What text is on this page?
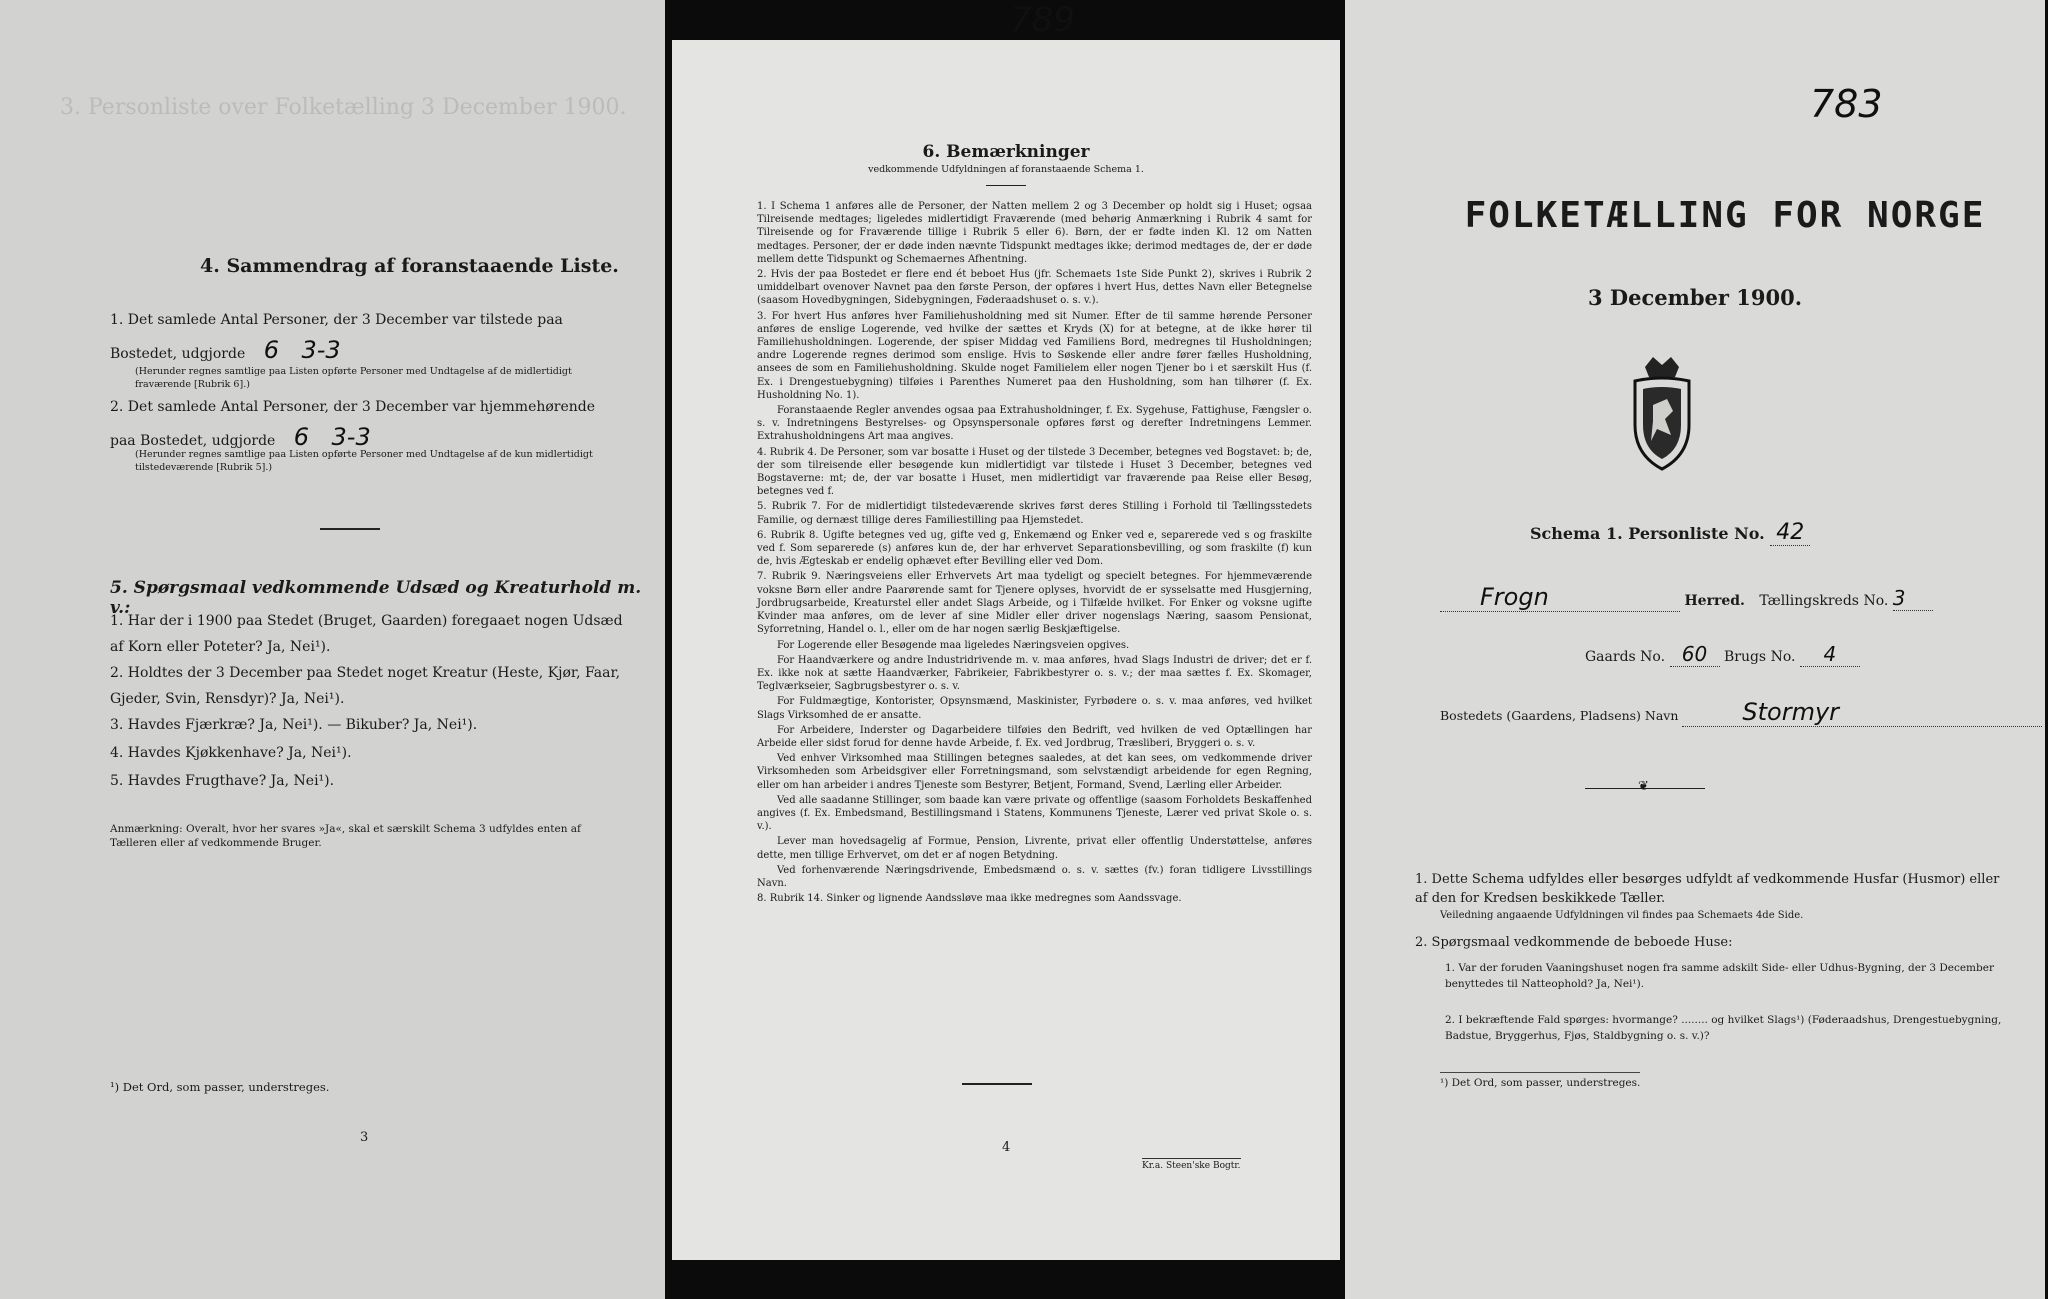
3. Personliste over Folketælling 3 December 1900.
4. Sammendrag af foranstaaende Liste.
1. Det samlede Antal Personer, der 3 December var tilstede paa Bostedet, udgjorde 6 3-3
(Herunder regnes samtlige paa Listen opførte Personer med Undtagelse af de midlertidigt fraværende [Rubrik 6].)
2. Det samlede Antal Personer, der 3 December var hjemmehørende paa Bostedet, udgjorde 6 3-3
(Herunder regnes samtlige paa Listen opførte Personer med Undtagelse af de kun midlertidigt tilstedeværende [Rubrik 5].)
5. Spørgsmaal vedkommende Udsæd og Kreaturhold m. v.:
1. Har der i 1900 paa Stedet (Bruget, Gaarden) foregaaet nogen Udsæd af Korn eller Poteter? Ja, Nei¹).
2. Holdtes der 3 December paa Stedet noget Kreatur (Heste, Kjør, Faar, Gjeder, Svin, Rensdyr)? Ja, Nei¹).
3. Havdes Fjærkræ? Ja, Nei¹). — Bikuber? Ja, Nei¹).
4. Havdes Kjøkkenhave? Ja, Nei¹).
5. Havdes Frugthave? Ja, Nei¹).
Anmærkning: Overalt, hvor her svares »Ja«, skal et særskilt Schema 3 udfyldes enten af Tælleren eller af vedkommende Bruger.
¹) Det Ord, som passer, understreges.
3
789
6. Bemærkninger
vedkommende Udfyldningen af foranstaaende Schema 1.

1. I Schema 1 anføres alle de Personer, der Natten mellem 2 og 3 December op holdt sig i Huset; ogsaa Tilreisende medtages; ligeledes midlertidigt Fraværende (med behørig Anmærkning i Rubrik 4 samt for Tilreisende og for Fraværende tillige i Rubrik 5 eller 6). Børn, der er fødte inden Kl. 12 om Natten medtages. Personer, der er døde inden nævnte Tidspunkt medtages ikke; derimod medtages de, der er døde mellem dette Tidspunkt og Schemaernes Afhentning.

2. Hvis der paa Bostedet er flere end ét beboet Hus (jfr. Schemaets 1ste Side Punkt 2), skrives i Rubrik 2 umiddelbart ovenover Navnet paa den første Person, der opføres i hvert Hus, dettes Navn eller Betegnelse (saasom Hovedbygningen, Sidebygningen, Føderaadshuset o. s. v.).

3. For hvert Hus anføres hver Familiehusholdning med sit Numer. Efter de til samme hørende Personer anføres de enslige Logerende, ved hvilke der sættes et Kryds (X) for at betegne, at de ikke hører til Familiehusholdningen. Logerende, der spiser Middag ved Familiens Bord, medregnes til Husholdningen; andre Logerende regnes derimod som enslige. Hvis to Søskende eller andre fører fælles Husholdning, ansees de som en Familiehusholdning. Skulde noget Familielem eller nogen Tjener bo i et særskilt Hus (f. Ex. i Drengestuebygning) tilføies i Parenthes Numeret paa den Husholdning, som han tilhører (f. Ex. Husholdning No. 1).

Foranstaaende Regler anvendes ogsaa paa Extrahusholdninger, f. Ex. Sygehuse, Fattighuse, Fængsler o. s. v. Indretningens Bestyrelses- og Opsynspersonale opføres først og derefter Indretningens Lemmer. Extrahusholdningens Art maa angives.

4. Rubrik 4. De Personer, som var bosatte i Huset og der tilstede 3 December, betegnes ved Bogstavet: b; de, der som tilreisende eller besøgende kun midlertidigt var tilstede i Huset 3 December, betegnes ved Bogstaverne: mt; de, der var bosatte i Huset, men midlertidigt var fraværende paa Reise eller Besøg, betegnes ved f.

5. Rubrik 7. For de midlertidigt tilstedeværende skrives først deres Stilling i Forhold til Tællingsstedets Familie, og dernæst tillige deres Familiestilling paa Hjemstedet.

6. Rubrik 8. Ugifte betegnes ved ug, gifte ved g, Enkemænd og Enker ved e, separerede ved s og fraskilte ved f. Som separerede (s) anføres kun de, der har erhvervet Separationsbevilling, og som fraskilte (f) kun de, hvis Ægteskab er endelig ophævet efter Bevilling eller ved Dom.

7. Rubrik 9. Næringsveiens eller Erhvervets Art maa tydeligt og specielt betegnes. For hjemmeværende voksne Børn eller andre Paarørende samt for Tjenere oplyses, hvorvidt de er sysselsatte med Husgjerning, Jordbrugsarbeide, Kreaturstel eller andet Slags Arbeide, og i Tilfælde hvilket. For Enker og voksne ugifte Kvinder maa anføres, om de lever af sine Midler eller driver nogenslags Næring, saasom Pensionat, Syforretning, Handel o. l., eller om de har nogen særlig Beskjæftigelse.

For Logerende eller Besøgende maa ligeledes Næringsveien opgives.

For Haandværkere og andre Industridrivende m. v. maa anføres, hvad Slags Industri de driver; det er f. Ex. ikke nok at sætte Haandværker, Fabrikeier, Fabrikbestyrer o. s. v.; der maa sættes f. Ex. Skomager, Teglværkseier, Sagbrugsbestyrer o. s. v.

For Fuldmægtige, Kontorister, Opsynsmænd, Maskinister, Fyrbødere o. s. v. maa anføres, ved hvilket Slags Virksomhed de er ansatte.

For Arbeidere, Inderster og Dagarbeidere tilføies den Bedrift, ved hvilken de ved Optællingen har Arbeide eller sidst forud for denne havde Arbeide, f. Ex. ved Jordbrug, Træsliberi, Bryggeri o. s. v.

Ved enhver Virksomhed maa Stillingen betegnes saaledes, at det kan sees, om vedkommende driver Virksomheden som Arbeidsgiver eller Forretningsmand, som selvstændigt arbeidende for egen Regning, eller om han arbeider i andres Tjeneste som Bestyrer, Betjent, Formand, Svend, Lærling eller Arbeider.

Ved alle saadanne Stillinger, som baade kan være private og offentlige (saasom Forholdets Beskaffenhed angives (f. Ex. Embedsmand, Bestillingsmand i Statens, Kommunens Tjeneste, Lærer ved privat Skole o. s. v.).

Lever man hovedsagelig af Formue, Pension, Livrente, privat eller offentlig Understøttelse, anføres dette, men tillige Erhvervet, om det er af nogen Betydning.

Ved forhenværende Næringsdrivende, Embedsmænd o. s. v. sættes (fv.) foran tidligere Livsstillings Navn.

8. Rubrik 14. Sinker og lignende Aandssløve maa ikke medregnes som Aandssvage.

4
Kr.a. Steen'ske Bogtr.
783
FOLKETÆLLING FOR NORGE
3 December 1900.
Schema 1. Personliste No. 42
Frogn	Herred. Tællingskreds No. 3
Gaards No. 60 Brugs No. 4
Bostedets (Gaardens, Pladsens) Navn	Stormyr
❦
1. Dette Schema udfyldes eller besørges udfyldt af vedkommende Husfar (Husmor) eller af den for Kredsen beskikkede Tæller.
Veiledning angaaende Udfyldningen vil findes paa Schemaets 4de Side.
2. Spørgsmaal vedkommende de beboede Huse:
1. Var der foruden Vaaningshuset nogen fra samme adskilt Side- eller Udhus-Bygning, der 3 December benyttedes til Natteophold? Ja, Nei¹).
2. I bekræftende Fald spørges: hvormange? ........ og hvilket Slags¹) (Føderaadshus, Drengestuebygning, Badstue, Bryggerhus, Fjøs, Staldbygning o. s. v.)?
¹) Det Ord, som passer, understreges.
